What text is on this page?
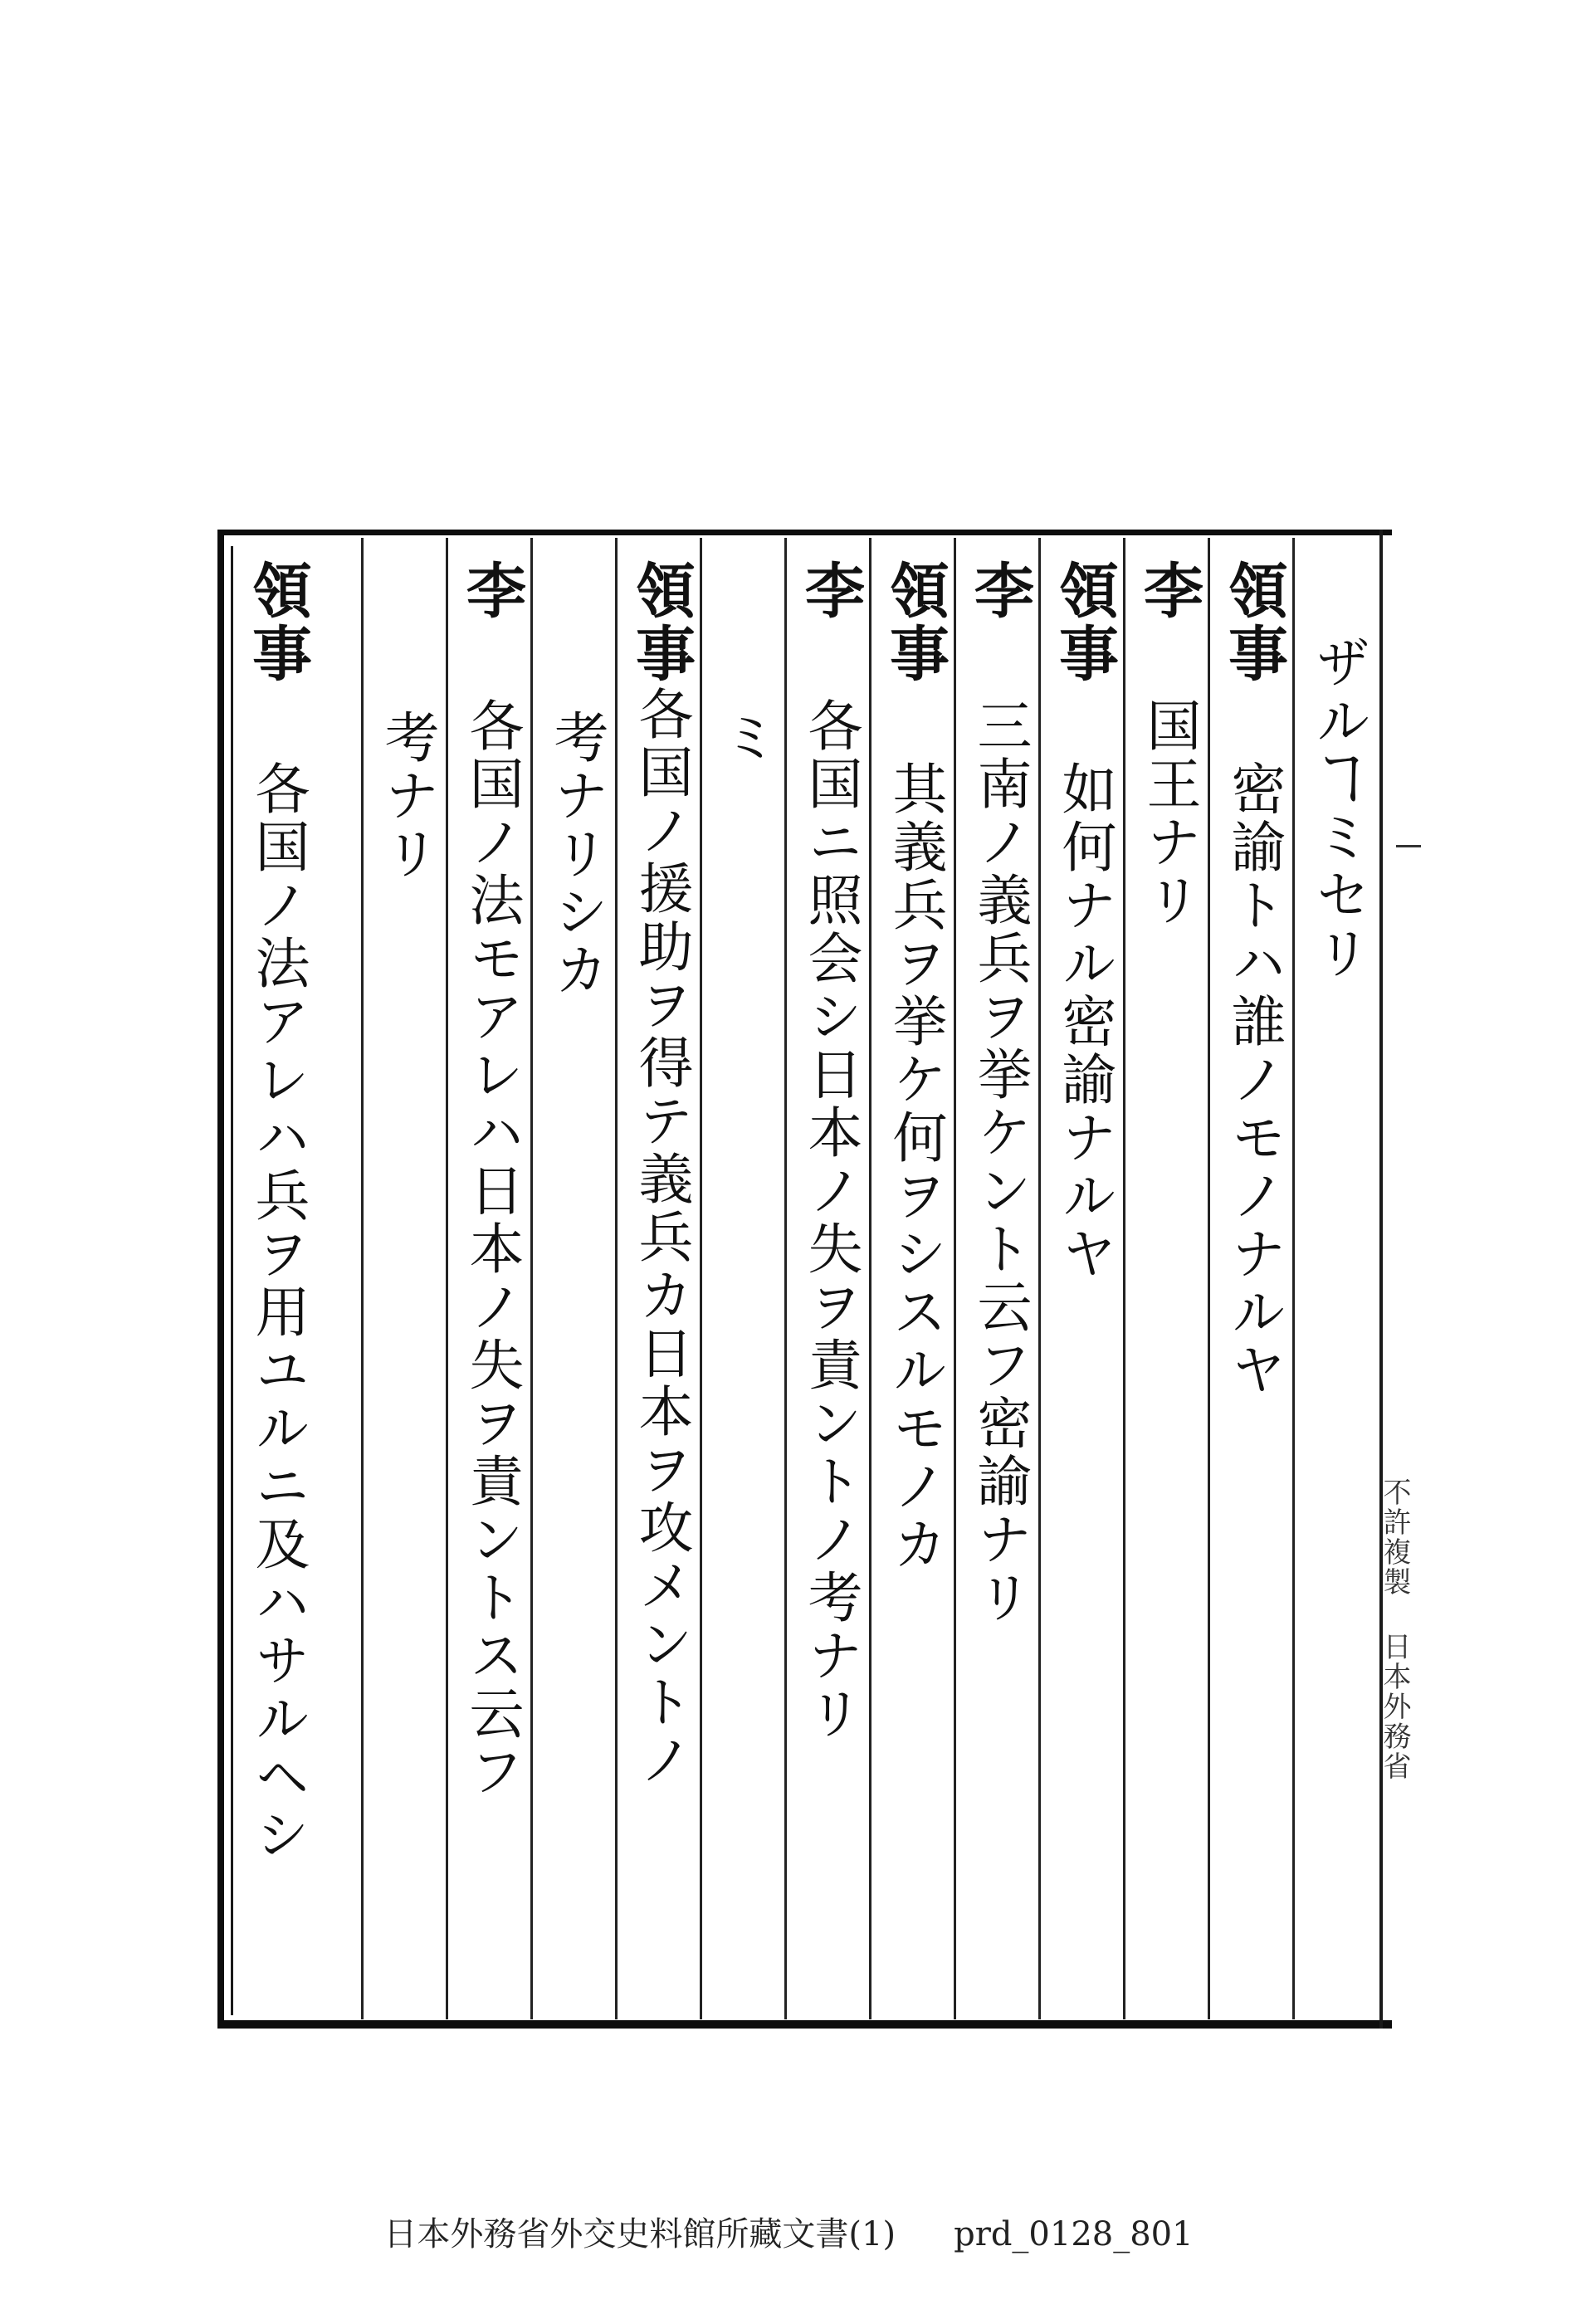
ザルヿミセリ
領事密諭トハ誰ノモノナルヤ
李国王ナリ
領事如何ナル密諭ナルヤ
李三南ノ義兵ヲ挙ケント云フ密諭ナリ
領事其義兵ヲ挙ケ何ヲシスルモノカ
李各国ニ照会シ日本ノ失ヲ責ントノ考ナリ
ミ
領事各国ノ援助ヲ得テ義兵カ日本ヲ攻メントノ
考ナリシカ
李各国ノ法モアレハ日本ノ失ヲ責ントス云フ
考ナリ
領事各国ノ法アレハ兵ヲ用ユルニ及ハサルヘシ	不許複製 日本外務省
日本外務省外交史料館所藏文書(1) prd_0128_801
